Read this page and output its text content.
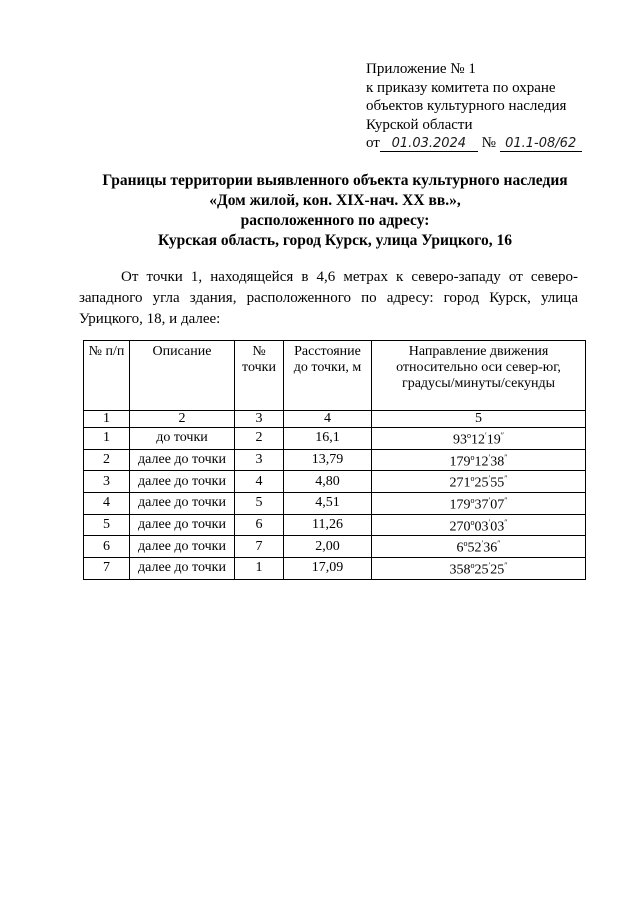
Приложение № 1
к приказу комитета по охране
объектов культурного наследия
Курской области
от 01.03.2024 № 01.1-08/62
Границы территории выявленного объекта культурного наследия
«Дом жилой, кон. XIX-нач. XX вв.»,
расположенного по адресу:
Курская область, город Курск, улица Урицкого, 16
От точки 1, находящейся в 4,6 метрах к северо-западу от северо-западного угла здания, расположенного по адресу: город Курск, улица Урицкого, 18, и далее:
№ п/п	Описание	№ точки	Расстояние до точки, м	Направление движения относительно оси север-юг, градусы/минуты/секунды
1	2	3	4	5
1	до точки	2	16,1	93$^o$12′19″
2	далее до точки	3	13,79	179$^o$12′38″
3	далее до точки	4	4,80	271$^o$25′55″
4	далее до точки	5	4,51	179$^o$37′07″
5	далее до точки	6	11,26	270$^o$03′03″
6	далее до точки	7	2,00	6$^o$52′36″
7	далее до точки	1	17,09	358$^o$25′25″
